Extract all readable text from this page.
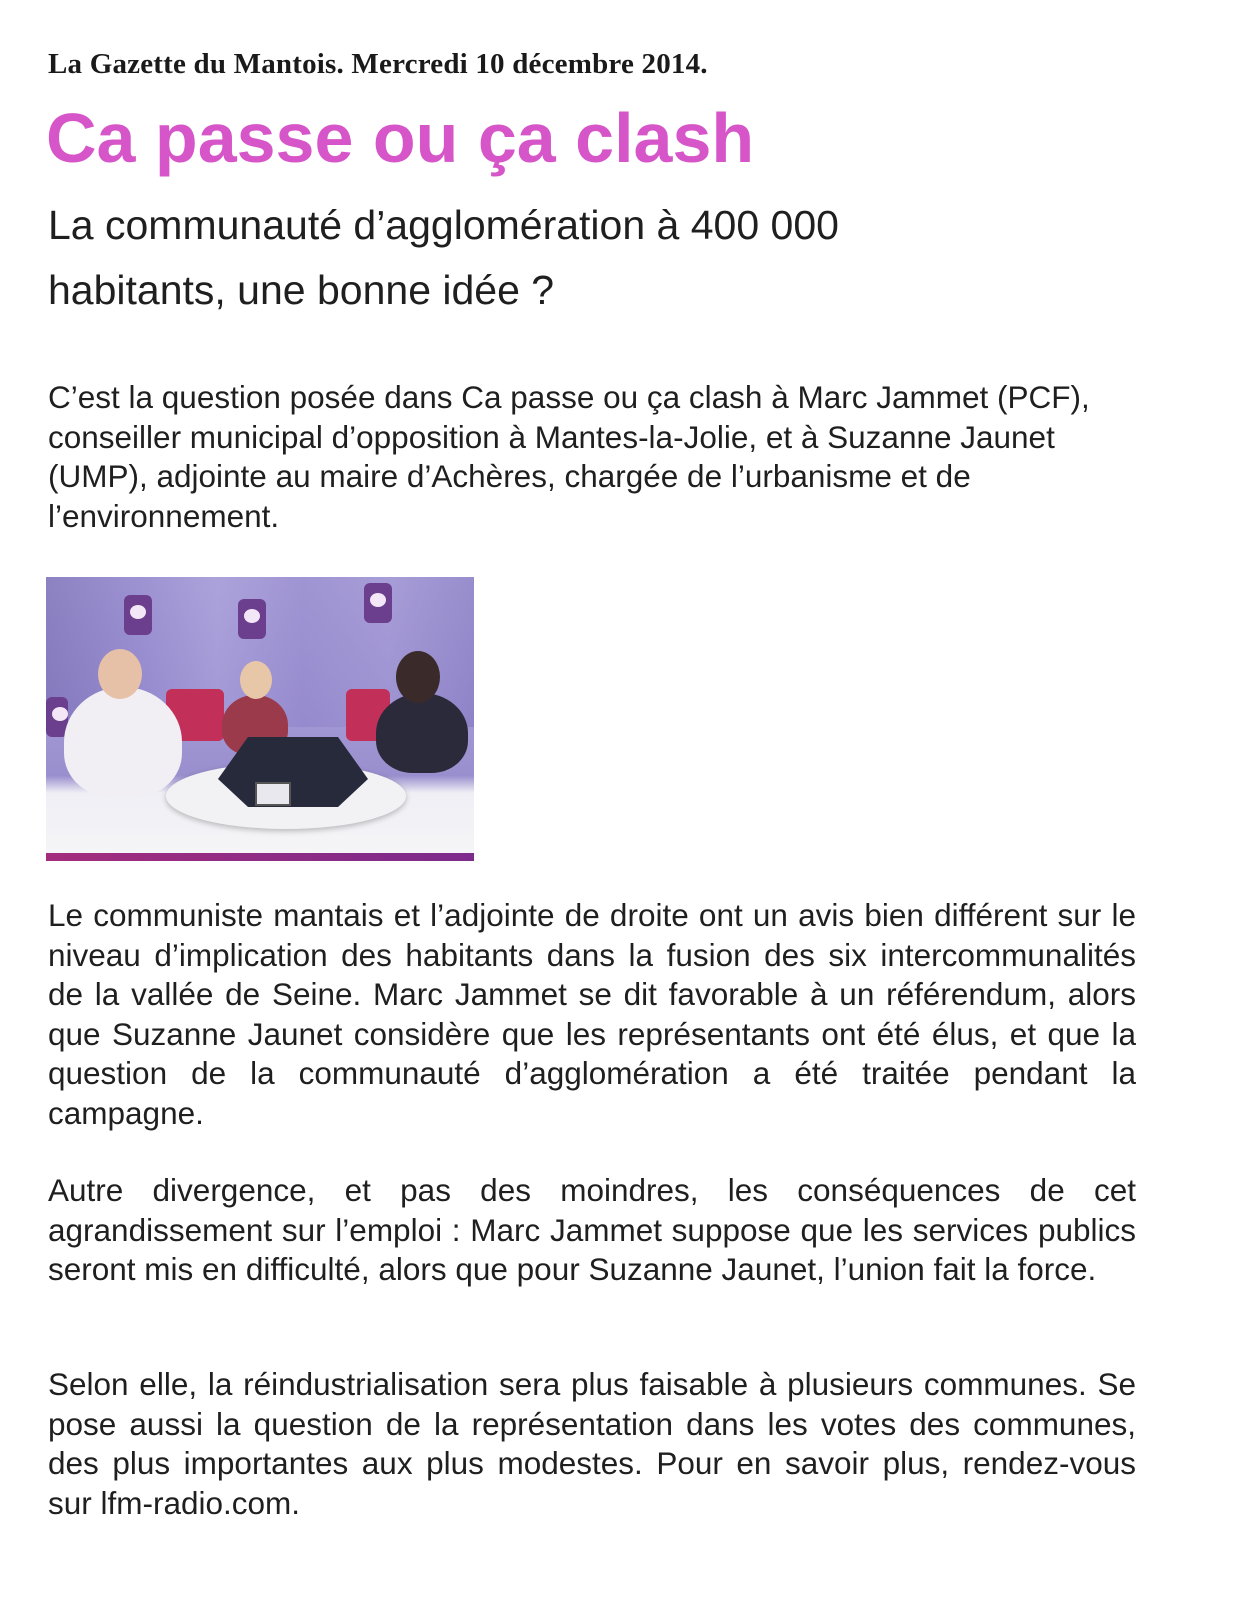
La Gazette du Mantois. Mercredi 10 décembre 2014.
Ca passe ou ça clash
La communauté d’agglomération à 400 000 habitants, une bonne idée ?

C’est la question posée dans Ca passe ou ça clash à Marc Jammet (PCF), conseiller municipal d’opposition à Mantes-la-Jolie, et à Suzanne Jaunet (UMP), adjointe au maire d’Achères, chargée de l’urbanisme et de l’environnement.

Le communiste mantais et l’adjointe de droite ont un avis bien différent sur le niveau d’implication des habitants dans la fusion des six intercommunalités de la vallée de Seine. Marc Jammet se dit favorable à un référendum, alors que Suzanne Jaunet considère que les représentants ont été élus, et que la question de la communauté d’agglomération a été traitée pendant la campagne.

Autre divergence, et pas des moindres, les conséquences de cet agrandissement sur l’emploi : Marc Jammet suppose que les services publics seront mis en difficulté, alors que pour Suzanne Jaunet, l’union fait la force.

Selon elle, la réindustrialisation sera plus faisable à plusieurs communes. Se pose aussi la question de la représentation dans les votes des communes, des plus importantes aux plus modestes. Pour en savoir plus, rendez-vous sur lfm-radio.com.
